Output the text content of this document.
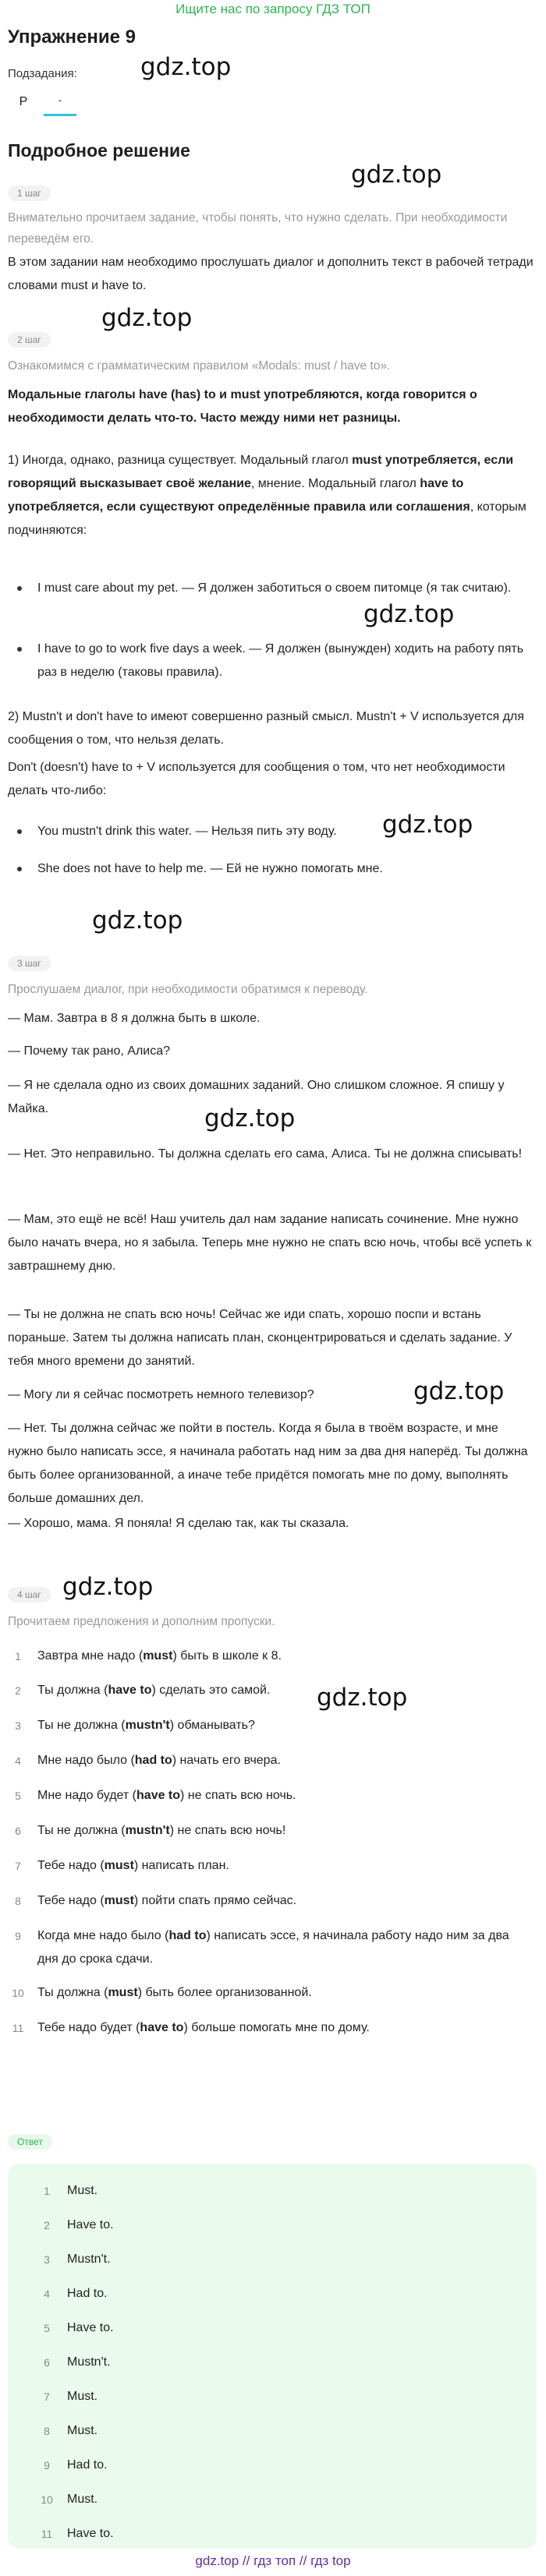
Ищите нас по запросу ГДЗ ТОП
Упражнение 9
Подзадания:
P	-
Подробное решение
gdz.top
gdz.top
gdz.top
gdz.top
gdz.top
gdz.top
gdz.top
gdz.top
gdz.top
gdz.top
1 шаг
Внимательно прочитаем задание, чтобы понять, что нужно сделать. При необходимости переведём его.

В этом задании нам необходимо прослушать диалог и дополнить текст в рабочей тетради словами must и have to.

2 шаг
Ознакомимся с грамматическим правилом «Modals: must / have to».

Модальные глаголы have (has) to и must употребляются, когда говорится о необходимости делать что-то. Часто между ними нет разницы.

1) Иногда, однако, разница существует. Модальный глагол must употребляется, если говорящий высказывает своё желание, мнение. Модальный глагол have to употребляется, если существуют определённые правила или соглашения, которым подчиняются:

I must care about my pet. — Я должен заботиться о своем питомце (я так считаю).
I have to go to work five days a week. — Я должен (вынужден) ходить на работу пять раз в неделю (таковы правила).

2) Mustn't и don't have to имеют совершенно разный смысл. Mustn't + V используется для сообщения о том, что нельзя делать.

Don't (doesn't) have to + V используется для сообщения о том, что нет необходимости делать что-либо:

You mustn't drink this water. — Нельзя пить эту воду.
She does not have to help me. — Ей не нужно помогать мне.
3 шаг
Прослушаем диалог, при необходимости обратимся к переводу.

— Мам. Завтра в 8 я должна быть в школе.

— Почему так рано, Алиса?

— Я не сделала одно из своих домашних заданий. Оно слишком сложное. Я спишу у Майка.

— Нет. Это неправильно. Ты должна сделать его сама, Алиса. Ты не должна списывать!

— Мам, это ещё не всё! Наш учитель дал нам задание написать сочинение. Мне нужно было начать вчера, но я забыла. Теперь мне нужно не спать всю ночь, чтобы всё успеть к завтрашнему дню.

— Ты не должна не спать всю ночь! Сейчас же иди спать, хорошо поспи и встань пораньше. Затем ты должна написать план, сконцентрироваться и сделать задание. У тебя много времени до занятий.

— Могу ли я сейчас посмотреть немного телевизор?

— Нет. Ты должна сейчас же пойти в постель. Когда я была в твоём возрасте, и мне нужно было написать эссе, я начинала работать над ним за два дня наперёд. Ты должна быть более организованной, а иначе тебе придётся помогать мне по дому, выполнять больше домашних дел.

— Хорошо, мама. Я поняла! Я сделаю так, как ты сказала.

4 шаг
Прочитаем предложения и дополним пропуски.
1	Завтра мне надо (must) быть в школе к 8.
2	Ты должна (have to) сделать это самой.
3	Ты не должна (mustn't) обманывать?
4	Мне надо было (had to) начать его вчера.
5	Мне надо будет (have to) не спать всю ночь.
6	Ты не должна (mustn't) не спать всю ночь!
7	Тебе надо (must) написать план.
8	Тебе надо (must) пойти спать прямо сейчас.
9	Когда мне надо было (had to) написать эссе, я начинала работу надо ним за два дня до срока сдачи.
10	Ты должна (must) быть более организованной.
11	Тебе надо будет (have to) больше помогать мне по дому.
Ответ
1	Must.
2	Have to.
3	Mustn't.
4	Had to.
5	Have to.
6	Mustn't.
7	Must.
8	Must.
9	Had to.
10	Must.
11	Have to.
gdz.top // гдз топ // гдз top
